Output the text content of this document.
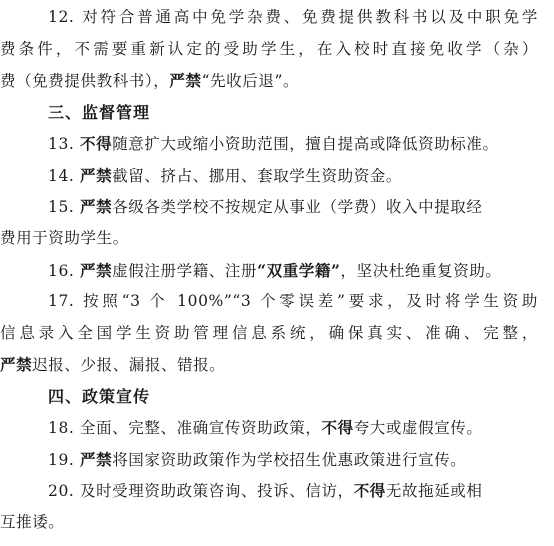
12. 对符合普通高中免学杂费、免费提供教科书以及中职免学
费条件，不需要重新认定的受助学生，在入校时直接免收学（杂）
费（免费提供教科书），严禁“先收后退”。
三、监督管理
13. 不得随意扩大或缩小资助范围，擅自提高或降低资助标准。
14. 严禁截留、挤占、挪用、套取学生资助资金。
15. 严禁各级各类学校不按规定从事业（学费）收入中提取经
费用于资助学生。
16. 严禁虚假注册学籍、注册“双重学籍”，坚决杜绝重复资助。
17. 按照“3 个 100%”“3 个零误差”要求，及时将学生资助
信息录入全国学生资助管理信息系统，确保真实、准确、完整，
严禁迟报、少报、漏报、错报。
四、政策宣传
18. 全面、完整、准确宣传资助政策，不得夸大或虚假宣传。
19. 严禁将国家资助政策作为学校招生优惠政策进行宣传。
20. 及时受理资助政策咨询、投诉、信访，不得无故拖延或相
互推诿。
